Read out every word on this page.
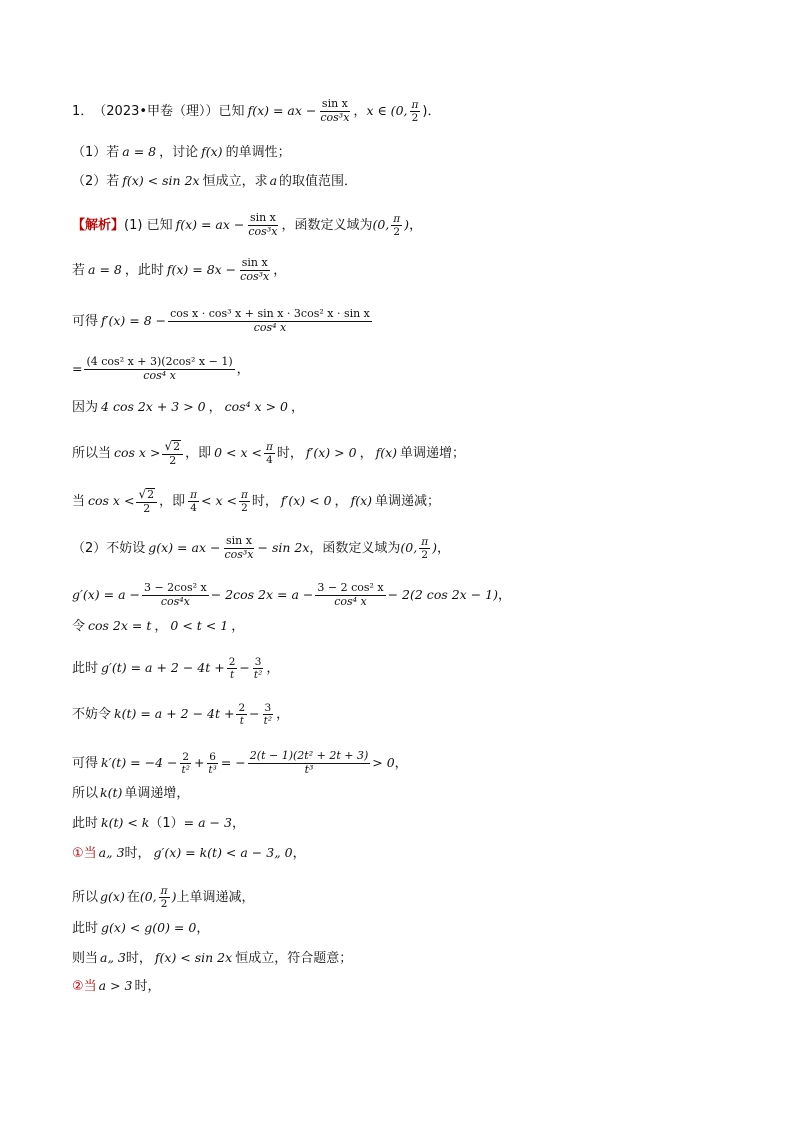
1． （2023•甲卷（理）） 已知 f(x) = ax − $\frac{\text{sin x}}{\text{cos³x}}$ ， x ∈ (0, $\frac{\pi}{2}$ )．
（1）若 a = 8 ，讨论 f(x) 的单调性；
（2）若 f(x) < sin 2x 恒成立，求 a 的取值范围．
【解析】 (1) 已知 f(x) = ax − $\frac{\text{sin x}}{\text{cos³x}}$ ，函数定义域为 (0, $\frac{\pi}{2}$ ) ，
若 a = 8 ，此时 $f(x) = 8x - \frac{\text{sin x}}{\text{cos³x}}$ ，
可得 $f'(x) = 8 - \frac{\text{cos x · cos³ x + sin x · 3cos² x · sin x}}{\text{cos⁴ x}}$
= $\frac{\text{(4 cos² x + 3)(2cos² x − 1)}}{\text{cos⁴ x}}$ ，
因为 4 cos 2x + 3 > 0 ， cos⁴ x > 0 ，
所以当 $\cos x > \frac{√ 2}{2}$ ，即 $0 < x < \frac{\pi}{4}$ 时， f′(x) > 0 ， f(x) 单调递增；
当 $\cos x < \frac{√ 2}{2}$ ，即 $\frac{\pi}{4} < x < \frac{\pi}{2}$ 时， f′(x) < 0 ， f(x) 单调递减；
（2）不妨设 g(x) = ax − $\frac{\text{sin x}}{\text{cos³x}} - \sin 2x$ ，函数定义域为 (0, $\frac{\pi}{2}$ ) ，
$g'(x) = a - \frac{\text{3 − 2cos² x}}{\text{cos⁴x}} - 2\cos$ $2x = a - \frac{\text{3 − 2 cos² x}}{\text{cos⁴ x}} - 2(2$ cos 2x − 1) ，
令 cos 2x = t ， 0 < t < 1 ，
此时 $g'(t) = a + 2 - 4t + \frac{2}{t} - \frac{3}{\text{t²}}$ ，
不妨令 $k(t) = a + 2 - 4t + \frac{2}{t} - \frac{3}{\text{t²}}$ ，
可得 $k'(t) = -4 - \frac{2}{\text{t²}} + \frac{6}{\text{t³}}$ = − $\frac{\text{2(t − 1)(2t² + 2t + 3)}}{\text{t³}} > 0$ ，
所以 k(t) 单调递增，
此时 k(t) < k （1） = a − 3 ，
① 当 a„ 3 时， g′(x) = k(t) < a − 3„ 0 ，
所以 g(x) 在 (0, $\frac{\pi}{2}$ ) 上单调递减，
此时 g(x) < g(0) = 0 ，
则当 a„ 3 时， f(x) < sin 2x 恒成立，符合题意；
② 当 a > 3 时，
